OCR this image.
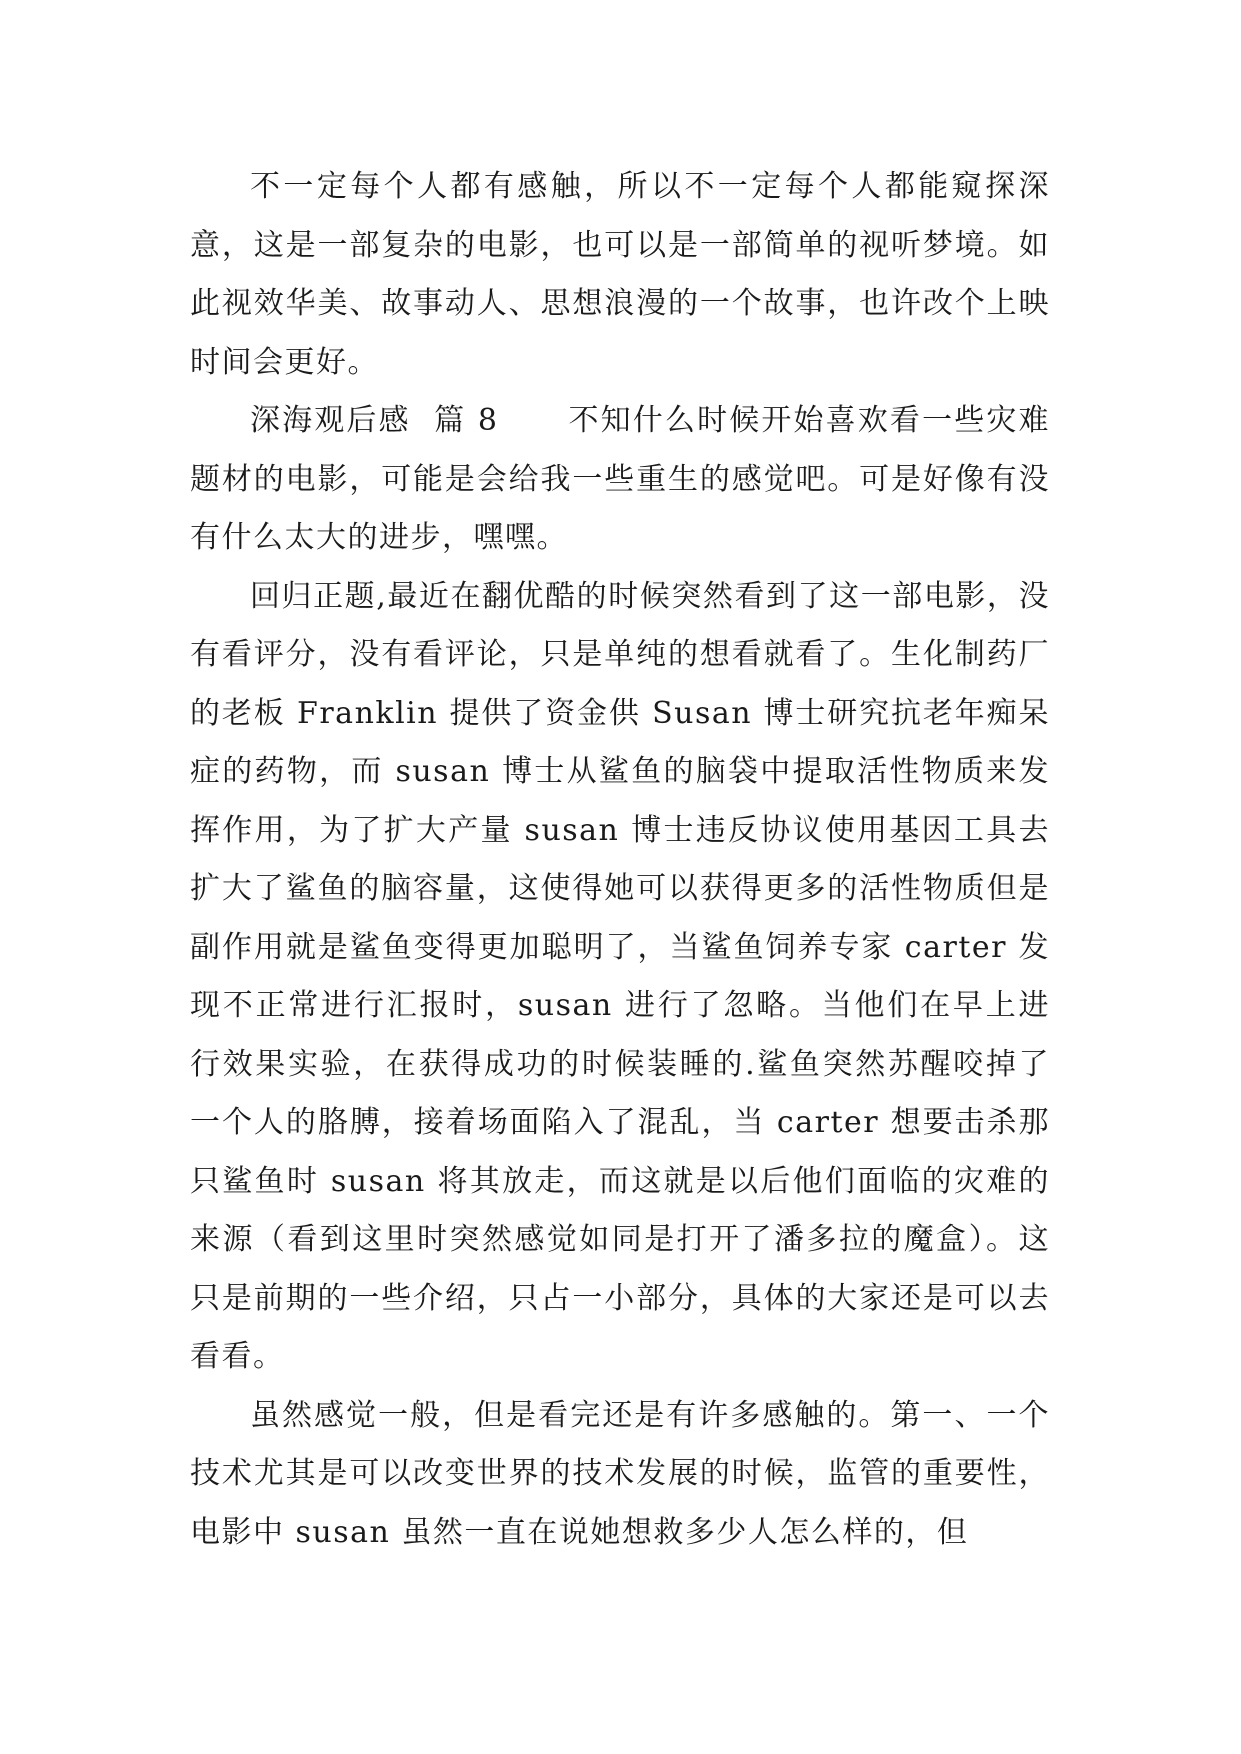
不一定每个人都有感触，所以不一定每个人都能窥探深意，这是一部复杂的电影，也可以是一部简单的视听梦境。如此视效华美、故事动人、思想浪漫的一个故事，也许改个上映时间会更好。

深海观后感 篇 8 不知什么时候开始喜欢看一些灾难题材的电影，可能是会给我一些重生的感觉吧。可是好像有没有什么太大的进步，嘿嘿。

回归正题,最近在翻优酷的时候突然看到了这一部电影，没有看评分，没有看评论，只是单纯的想看就看了。生化制药厂的老板 Franklin 提供了资金供 Susan 博士研究抗老年痴呆症的药物，而 susan 博士从鲨鱼的脑袋中提取活性物质来发挥作用，为了扩大产量 susan 博士违反协议使用基因工具去扩大了鲨鱼的脑容量，这使得她可以获得更多的活性物质但是副作用就是鲨鱼变得更加聪明了，当鲨鱼饲养专家 carter 发现不正常进行汇报时，susan 进行了忽略。当他们在早上进行效果实验，在获得成功的时候装睡的.鲨鱼突然苏醒咬掉了一个人的胳膊，接着场面陷入了混乱，当 carter 想要击杀那只鲨鱼时 susan 将其放走，而这就是以后他们面临的灾难的来源（看到这里时突然感觉如同是打开了潘多拉的魔盒）。这只是前期的一些介绍，只占一小部分，具体的大家还是可以去看看。

虽然感觉一般，但是看完还是有许多感触的。第一、一个技术尤其是可以改变世界的技术发展的时候，监管的重要性，电影中 susan 虽然一直在说她想救多少人怎么样的，但
